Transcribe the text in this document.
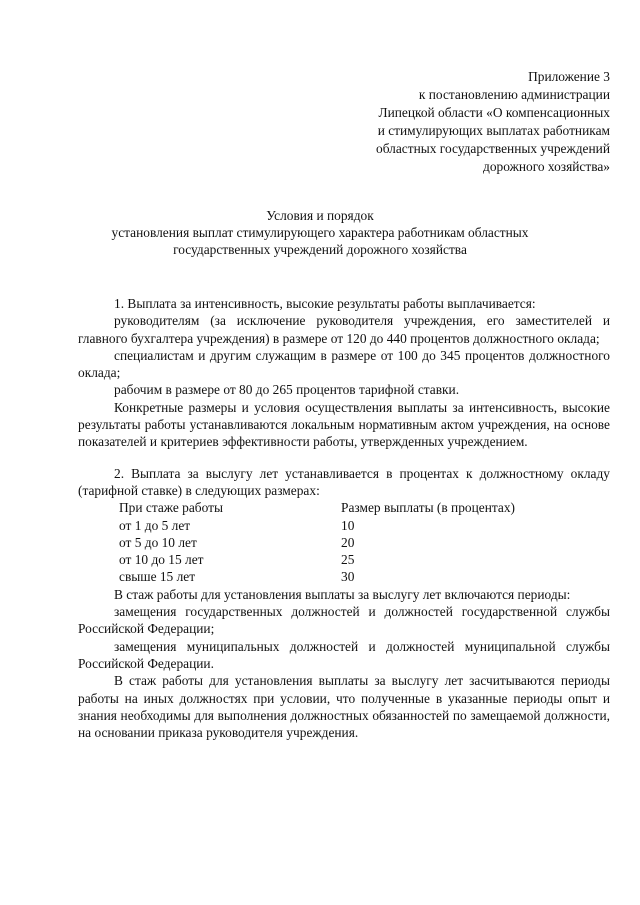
Приложение 3
к постановлению администрации
Липецкой области «О компенсационных
и стимулирующих выплатах работникам
областных государственных учреждений
дорожного хозяйства»
Условия и порядок
установления выплат стимулирующего характера работникам областных
государственных учреждений дорожного хозяйства

1. Выплата за интенсивность, высокие результаты работы выплачивается:

руководителям (за исключение руководителя учреждения, его заместителей и главного бухгалтера учреждения) в размере от 120 до 440 процентов должностного оклада;

специалистам и другим служащим в размере от 100 до 345 процентов должностного оклада;

рабочим в размере от 80 до 265 процентов тарифной ставки.

Конкретные размеры и условия осуществления выплаты за интенсивность, высокие результаты работы устанавливаются локальным нормативным актом учреждения, на основе показателей и критериев эффективности работы, утвержденных учреждением.

2. Выплата за выслугу лет устанавливается в процентах к должностному окладу (тарифной ставке) в следующих размерах:

При стаже работы	Размер выплаты (в процентах)
от 1 до 5 лет	10
от 5 до 10 лет	20
от 10 до 15 лет	25
свыше 15 лет	30

В стаж работы для установления выплаты за выслугу лет включаются периоды:

замещения государственных должностей и должностей государственной службы Российской Федерации;

замещения муниципальных должностей и должностей муниципальной службы Российской Федерации.

В стаж работы для установления выплаты за выслугу лет засчитываются периоды работы на иных должностях при условии, что полученные в указанные периоды опыт и знания необходимы для выполнения должностных обязанностей по замещаемой должности, на основании приказа руководителя учреждения.
